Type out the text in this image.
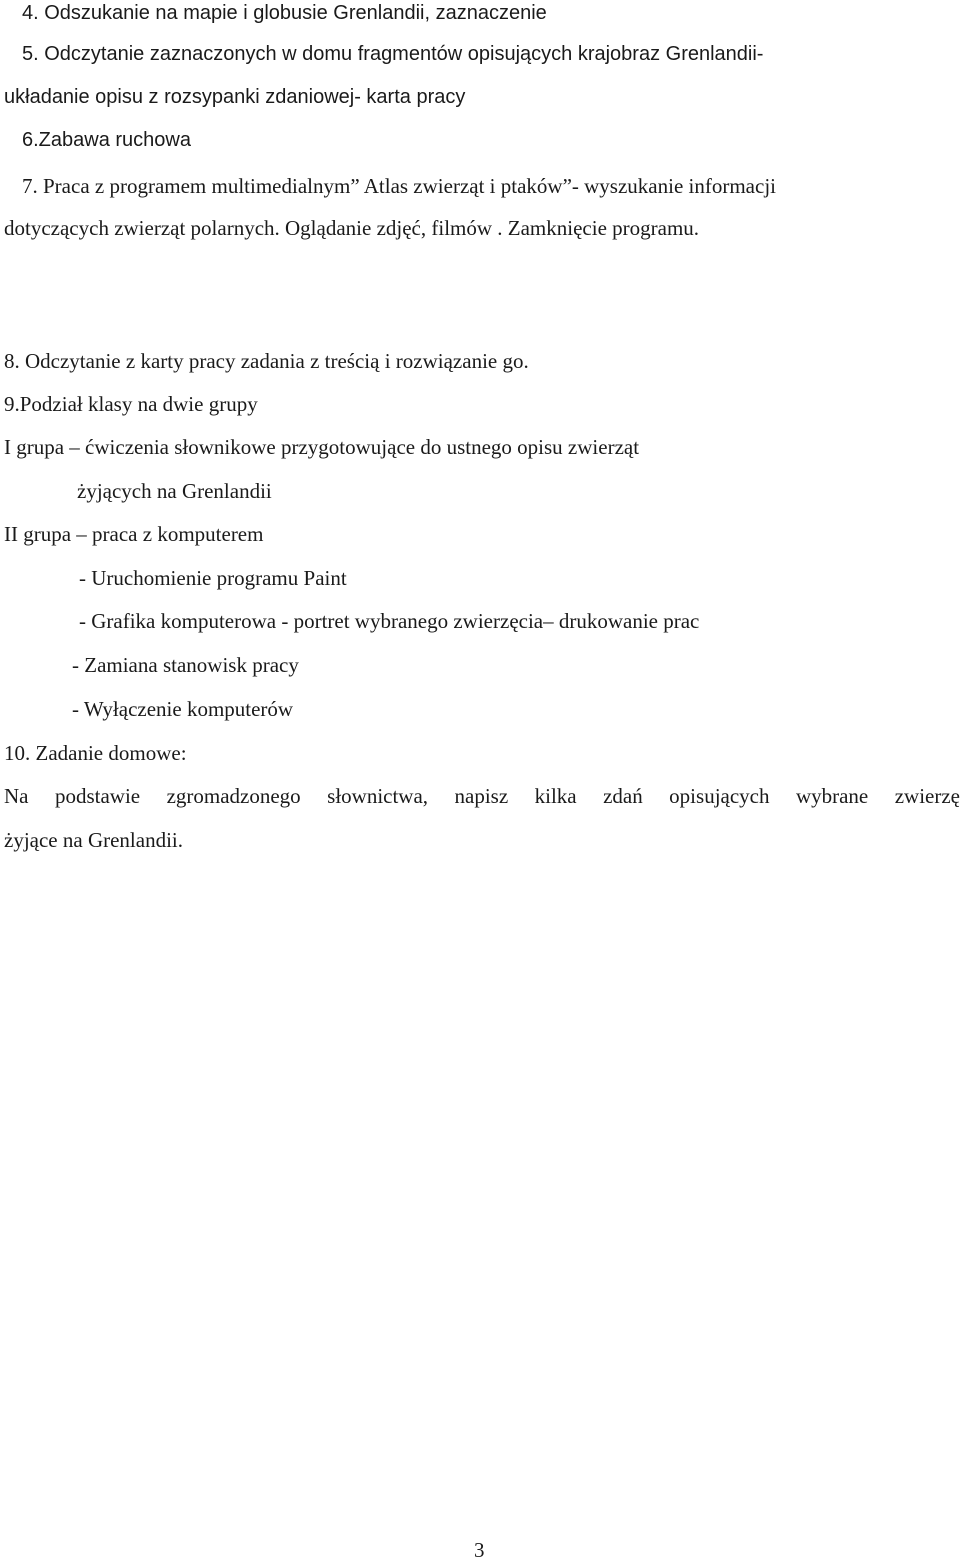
4. Odszukanie na mapie i globusie Grenlandii, zaznaczenie

5. Odczytanie zaznaczonych w domu fragmentów opisujących krajobraz Grenlandii-

układanie opisu z rozsypanki zdaniowej- karta pracy

6.Zabawa ruchowa

7. Praca z programem multimedialnym” Atlas zwierząt i ptaków”- wyszukanie informacji

dotyczących zwierząt polarnych. Oglądanie zdjęć, filmów . Zamknięcie programu.

8. Odczytanie z karty pracy zadania z treścią i rozwiązanie go.

9.Podział klasy na dwie grupy

I grupa – ćwiczenia słownikowe przygotowujące do ustnego opisu zwierząt

żyjących na Grenlandii

II grupa – praca z komputerem

- Uruchomienie programu Paint

- Grafika komputerowa - portret wybranego zwierzęcia– drukowanie prac

- Zamiana stanowisk pracy

- Wyłączenie komputerów

10. Zadanie domowe:

Na podstawie zgromadzonego słownictwa, napisz kilka zdań opisujących wybrane zwierzę

żyjące na Grenlandii.

3
